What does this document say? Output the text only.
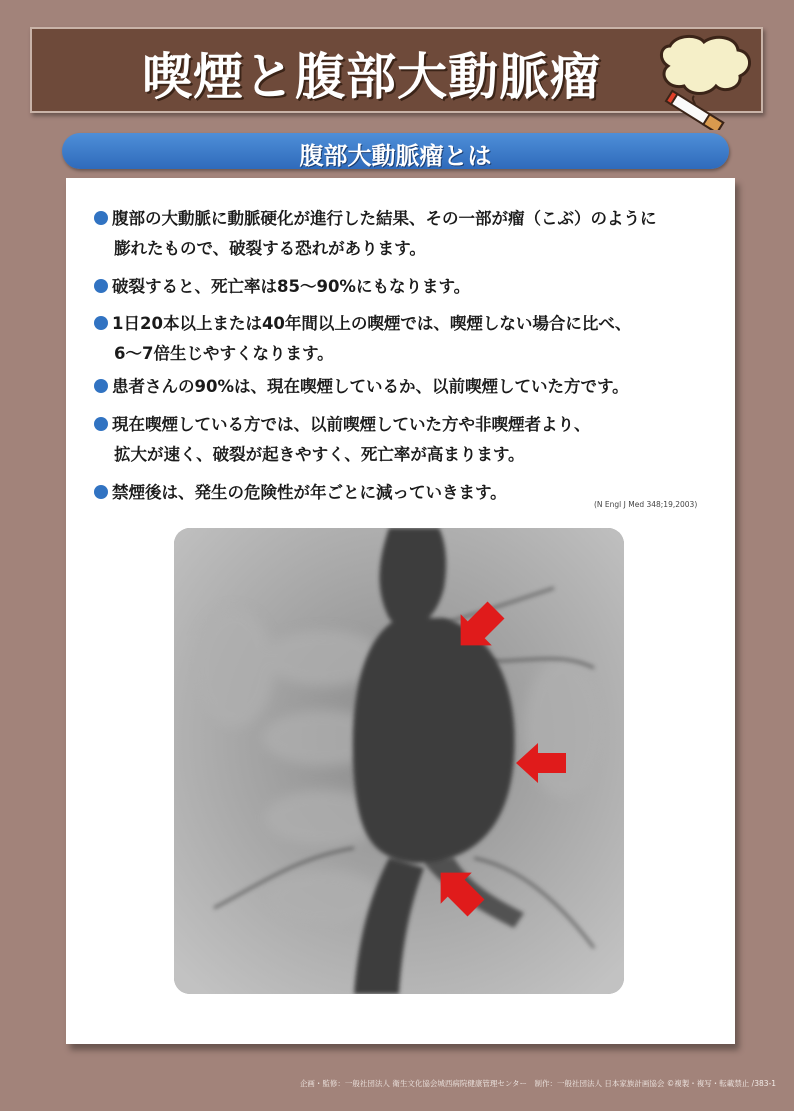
喫煙と腹部大動脈瘤
腹部大動脈瘤とは
腹部の大動脈に動脈硬化が進行した結果、その一部が瘤（こぶ）のように
膨れたもので、破裂する恐れがあります。
破裂すると、死亡率は85～90%にもなります。
1日20本以上または40年間以上の喫煙では、喫煙しない場合に比べ、
6～7倍生じやすくなります。
患者さんの90%は、現在喫煙しているか、以前喫煙していた方です。
現在喫煙している方では、以前喫煙していた方や非喫煙者より、
拡大が速く、破裂が起きやすく、死亡率が高まります。
禁煙後は、発生の危険性が年ごとに減っていきます。
(N Engl J Med 348;19,2003)
企画・監修：一般社団法人 衛生文化協会城西病院健康管理センター　制作：一般社団法人 日本家族計画協会 ©複製・複写・転載禁止 /383-1
